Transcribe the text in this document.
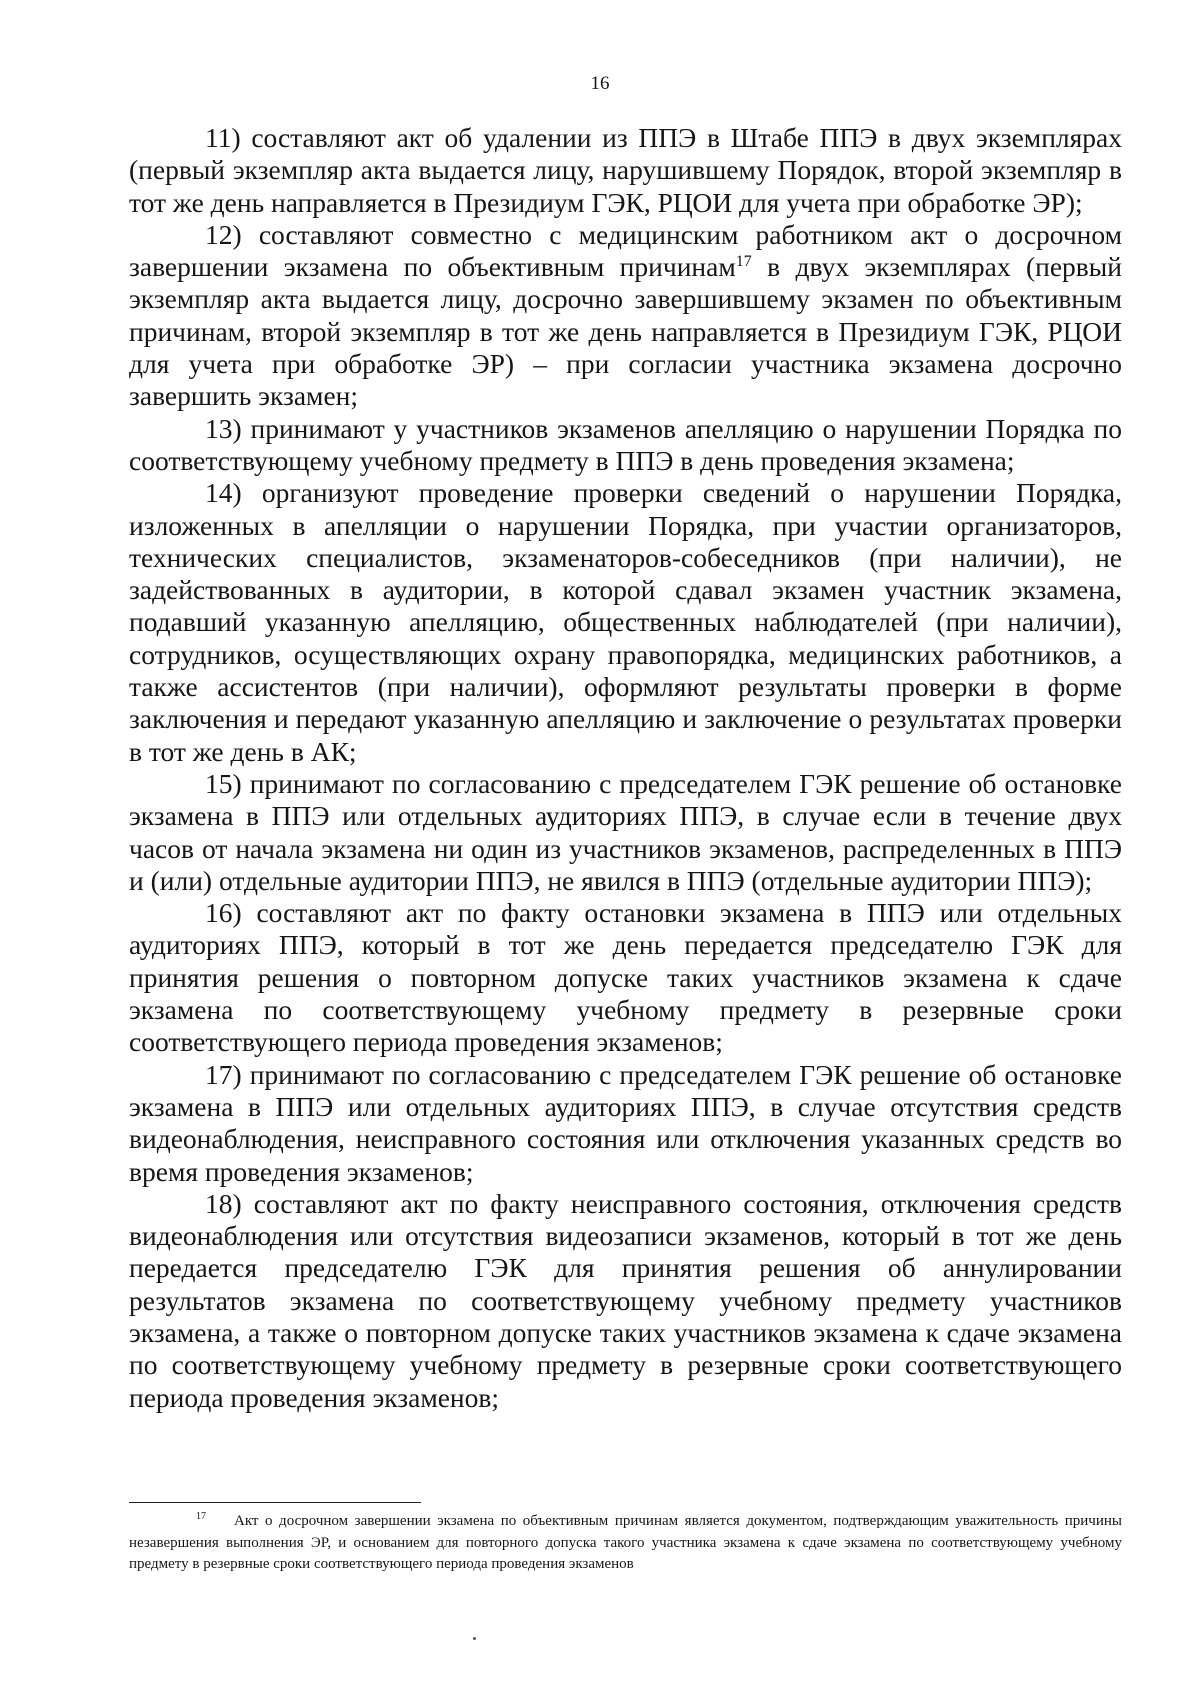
16

11) составляют акт об удалении из ППЭ в Штабе ППЭ в двух экземплярах (первый экземпляр акта выдается лицу, нарушившему Порядок, второй экземпляр в тот же день направляется в Президиум ГЭК, РЦОИ для учета при обработке ЭР);

12) составляют совместно с медицинским работником акт о досрочном завершении экзамена по объективным причинам$^{17}$ в двух экземплярах (первый экземпляр акта выдается лицу, досрочно завершившему экзамен по объективным причинам, второй экземпляр в тот же день направляется в Президиум ГЭК, РЦОИ для учета при обработке ЭР) – при согласии участника экзамена досрочно завершить экзамен;

13) принимают у участников экзаменов апелляцию о нарушении Порядка по соответствующему учебному предмету в ППЭ в день проведения экзамена;

14) организуют проведение проверки сведений о нарушении Порядка, изложенных в апелляции о нарушении Порядка, при участии организаторов, технических специалистов, экзаменаторов-собеседников (при наличии), не задействованных в аудитории, в которой сдавал экзамен участник экзамена, подавший указанную апелляцию, общественных наблюдателей (при наличии), сотрудников, осуществляющих охрану правопорядка, медицинских работников, а также ассистентов (при наличии), оформляют результаты проверки в форме заключения и передают указанную апелляцию и заключение о результатах проверки в тот же день в АК;

15) принимают по согласованию с председателем ГЭК решение об остановке экзамена в ППЭ или отдельных аудиториях ППЭ, в случае если в течение двух часов от начала экзамена ни один из участников экзаменов, распределенных в ППЭ и (или) отдельные аудитории ППЭ, не явился в ППЭ (отдельные аудитории ППЭ);

16) составляют акт по факту остановки экзамена в ППЭ или отдельных аудиториях ППЭ, который в тот же день передается председателю ГЭК для принятия решения о повторном допуске таких участников экзамена к сдаче экзамена по соответствующему учебному предмету в резервные сроки соответствующего периода проведения экзаменов;

17) принимают по согласованию с председателем ГЭК решение об остановке экзамена в ППЭ или отдельных аудиториях ППЭ, в случае отсутствия средств видеонаблюдения, неисправного состояния или отключения указанных средств во время проведения экзаменов;

18) составляют акт по факту неисправного состояния, отключения средств видеонаблюдения или отсутствия видеозаписи экзаменов, который в тот же день передается председателю ГЭК для принятия решения об аннулировании результатов экзамена по соответствующему учебному предмету участников экзамена, а также о повторном допуске таких участников экзамена к сдаче экзамена по соответствующему учебному предмету в резервные сроки соответствующего периода проведения экзаменов;

$^{17}$ Акт о досрочном завершении экзамена по объективным причинам является документом, подтверждающим уважительность причины незавершения выполнения ЭР, и основанием для повторного допуска такого участника экзамена к сдаче экзамена по соответствующему учебному предмету в резервные сроки соответствующего периода проведения экзаменов
